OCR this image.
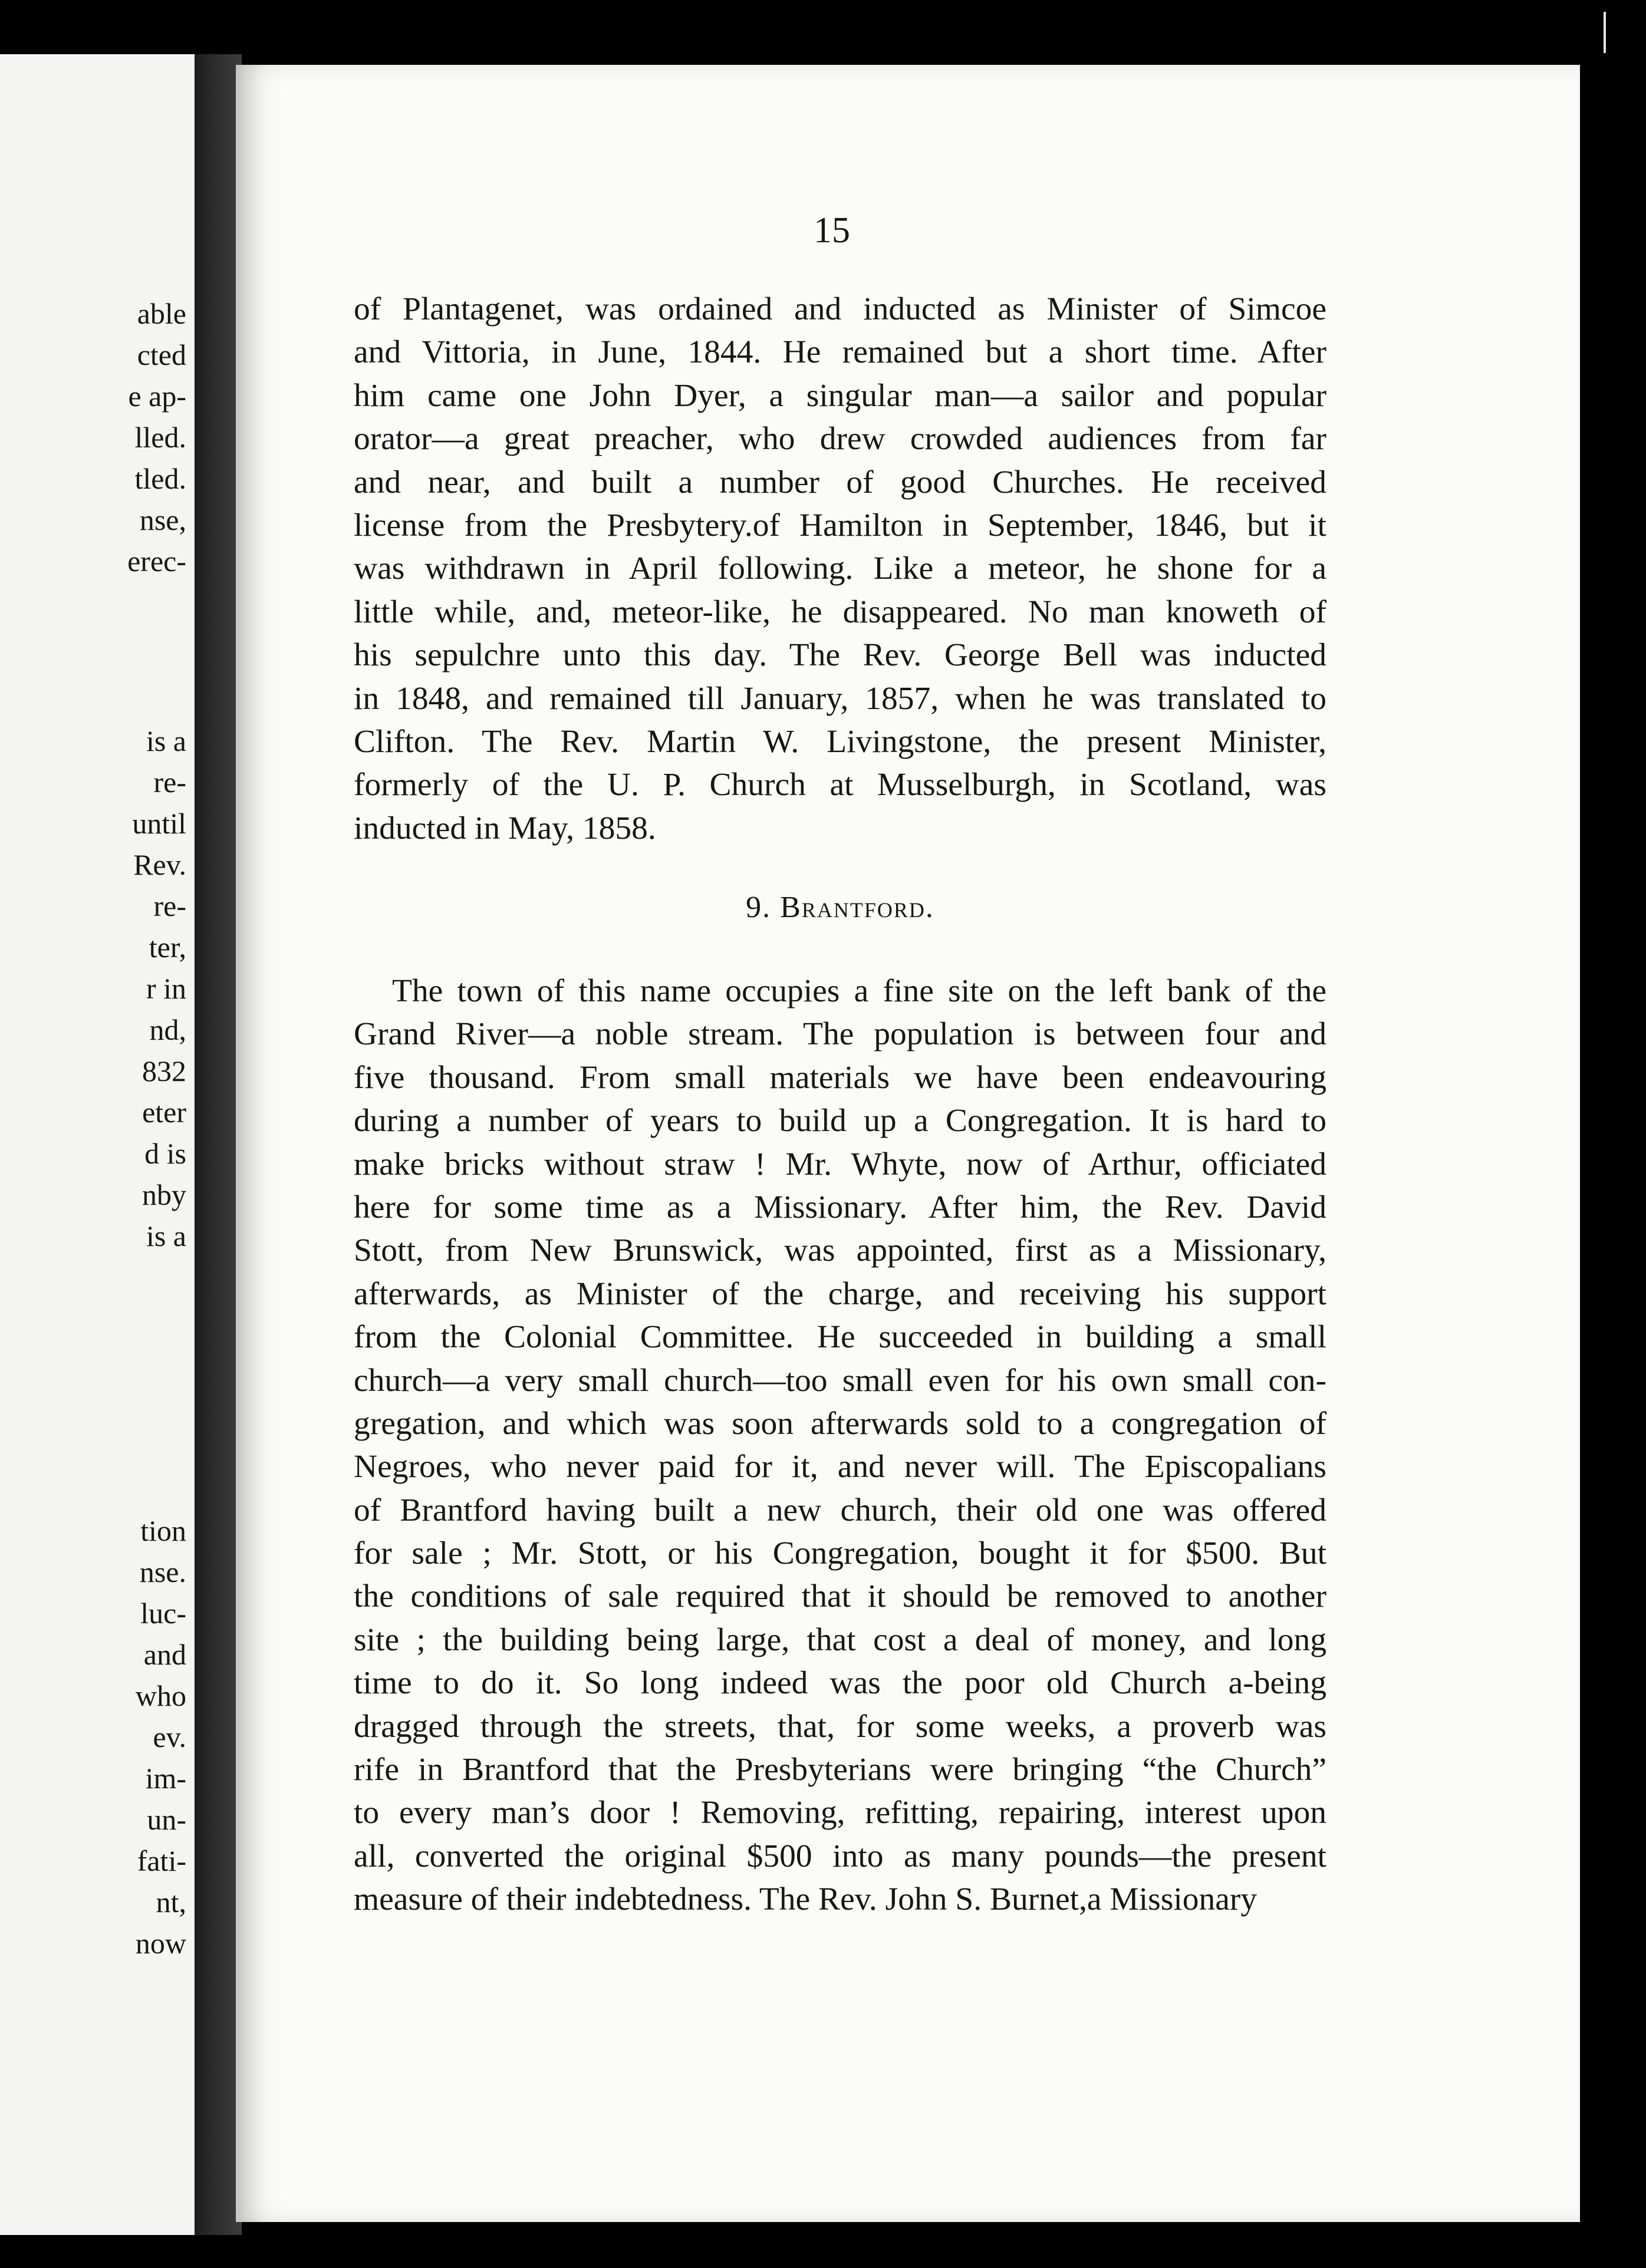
able
cted
e ap-
lled.
tled.
nse,
erec-
is a
re-
until
Rev.
re-
ter,
r in
nd,
832
eter
d is
nby
is a
tion
nse.
luc-
and
who
ev.
im-
un-
fati-
nt,
now
15
of Plantagenet, was ordained and inducted as Minister of Simcoe
and Vittoria, in June, 1844. He remained but a short time. After
him came one John Dyer, a singular man—a sailor and popular
orator—a great preacher, who drew crowded audiences from far
and near, and built a number of good Churches. He received
license from the Presbytery.of Hamilton in September, 1846, but it
was withdrawn in April following. Like a meteor, he shone for a
little while, and, meteor-like, he disappeared. No man knoweth of
his sepulchre unto this day. The Rev. George Bell was inducted
in 1848, and remained till January, 1857, when he was translated to
Clifton. The Rev. Martin W. Livingstone, the present Minister,
formerly of the U. P. Church at Musselburgh, in Scotland, was
inducted in May, 1858.
9. Brantford.
The town of this name occupies a fine site on the left bank of the
Grand River—a noble stream. The population is between four and
five thousand. From small materials we have been endeavouring
during a number of years to build up a Congregation. It is hard to
make bricks without straw ! Mr. Whyte, now of Arthur, officiated
here for some time as a Missionary. After him, the Rev. David
Stott, from New Brunswick, was appointed, first as a Missionary,
afterwards, as Minister of the charge, and receiving his support
from the Colonial Committee. He succeeded in building a small
church—a very small church—too small even for his own small con-
gregation, and which was soon afterwards sold to a congregation of
Negroes, who never paid for it, and never will. The Episcopalians
of Brantford having built a new church, their old one was offered
for sale ; Mr. Stott, or his Congregation, bought it for $500. But
the conditions of sale required that it should be removed to another
site ; the building being large, that cost a deal of money, and long
time to do it. So long indeed was the poor old Church a-being
dragged through the streets, that, for some weeks, a proverb was
rife in Brantford that the Presbyterians were bringing “the Church”
to every man’s door ! Removing, refitting, repairing, interest upon
all, converted the original $500 into as many pounds—the present
measure of their indebtedness. The Rev. John S. Burnet,a Missionary
